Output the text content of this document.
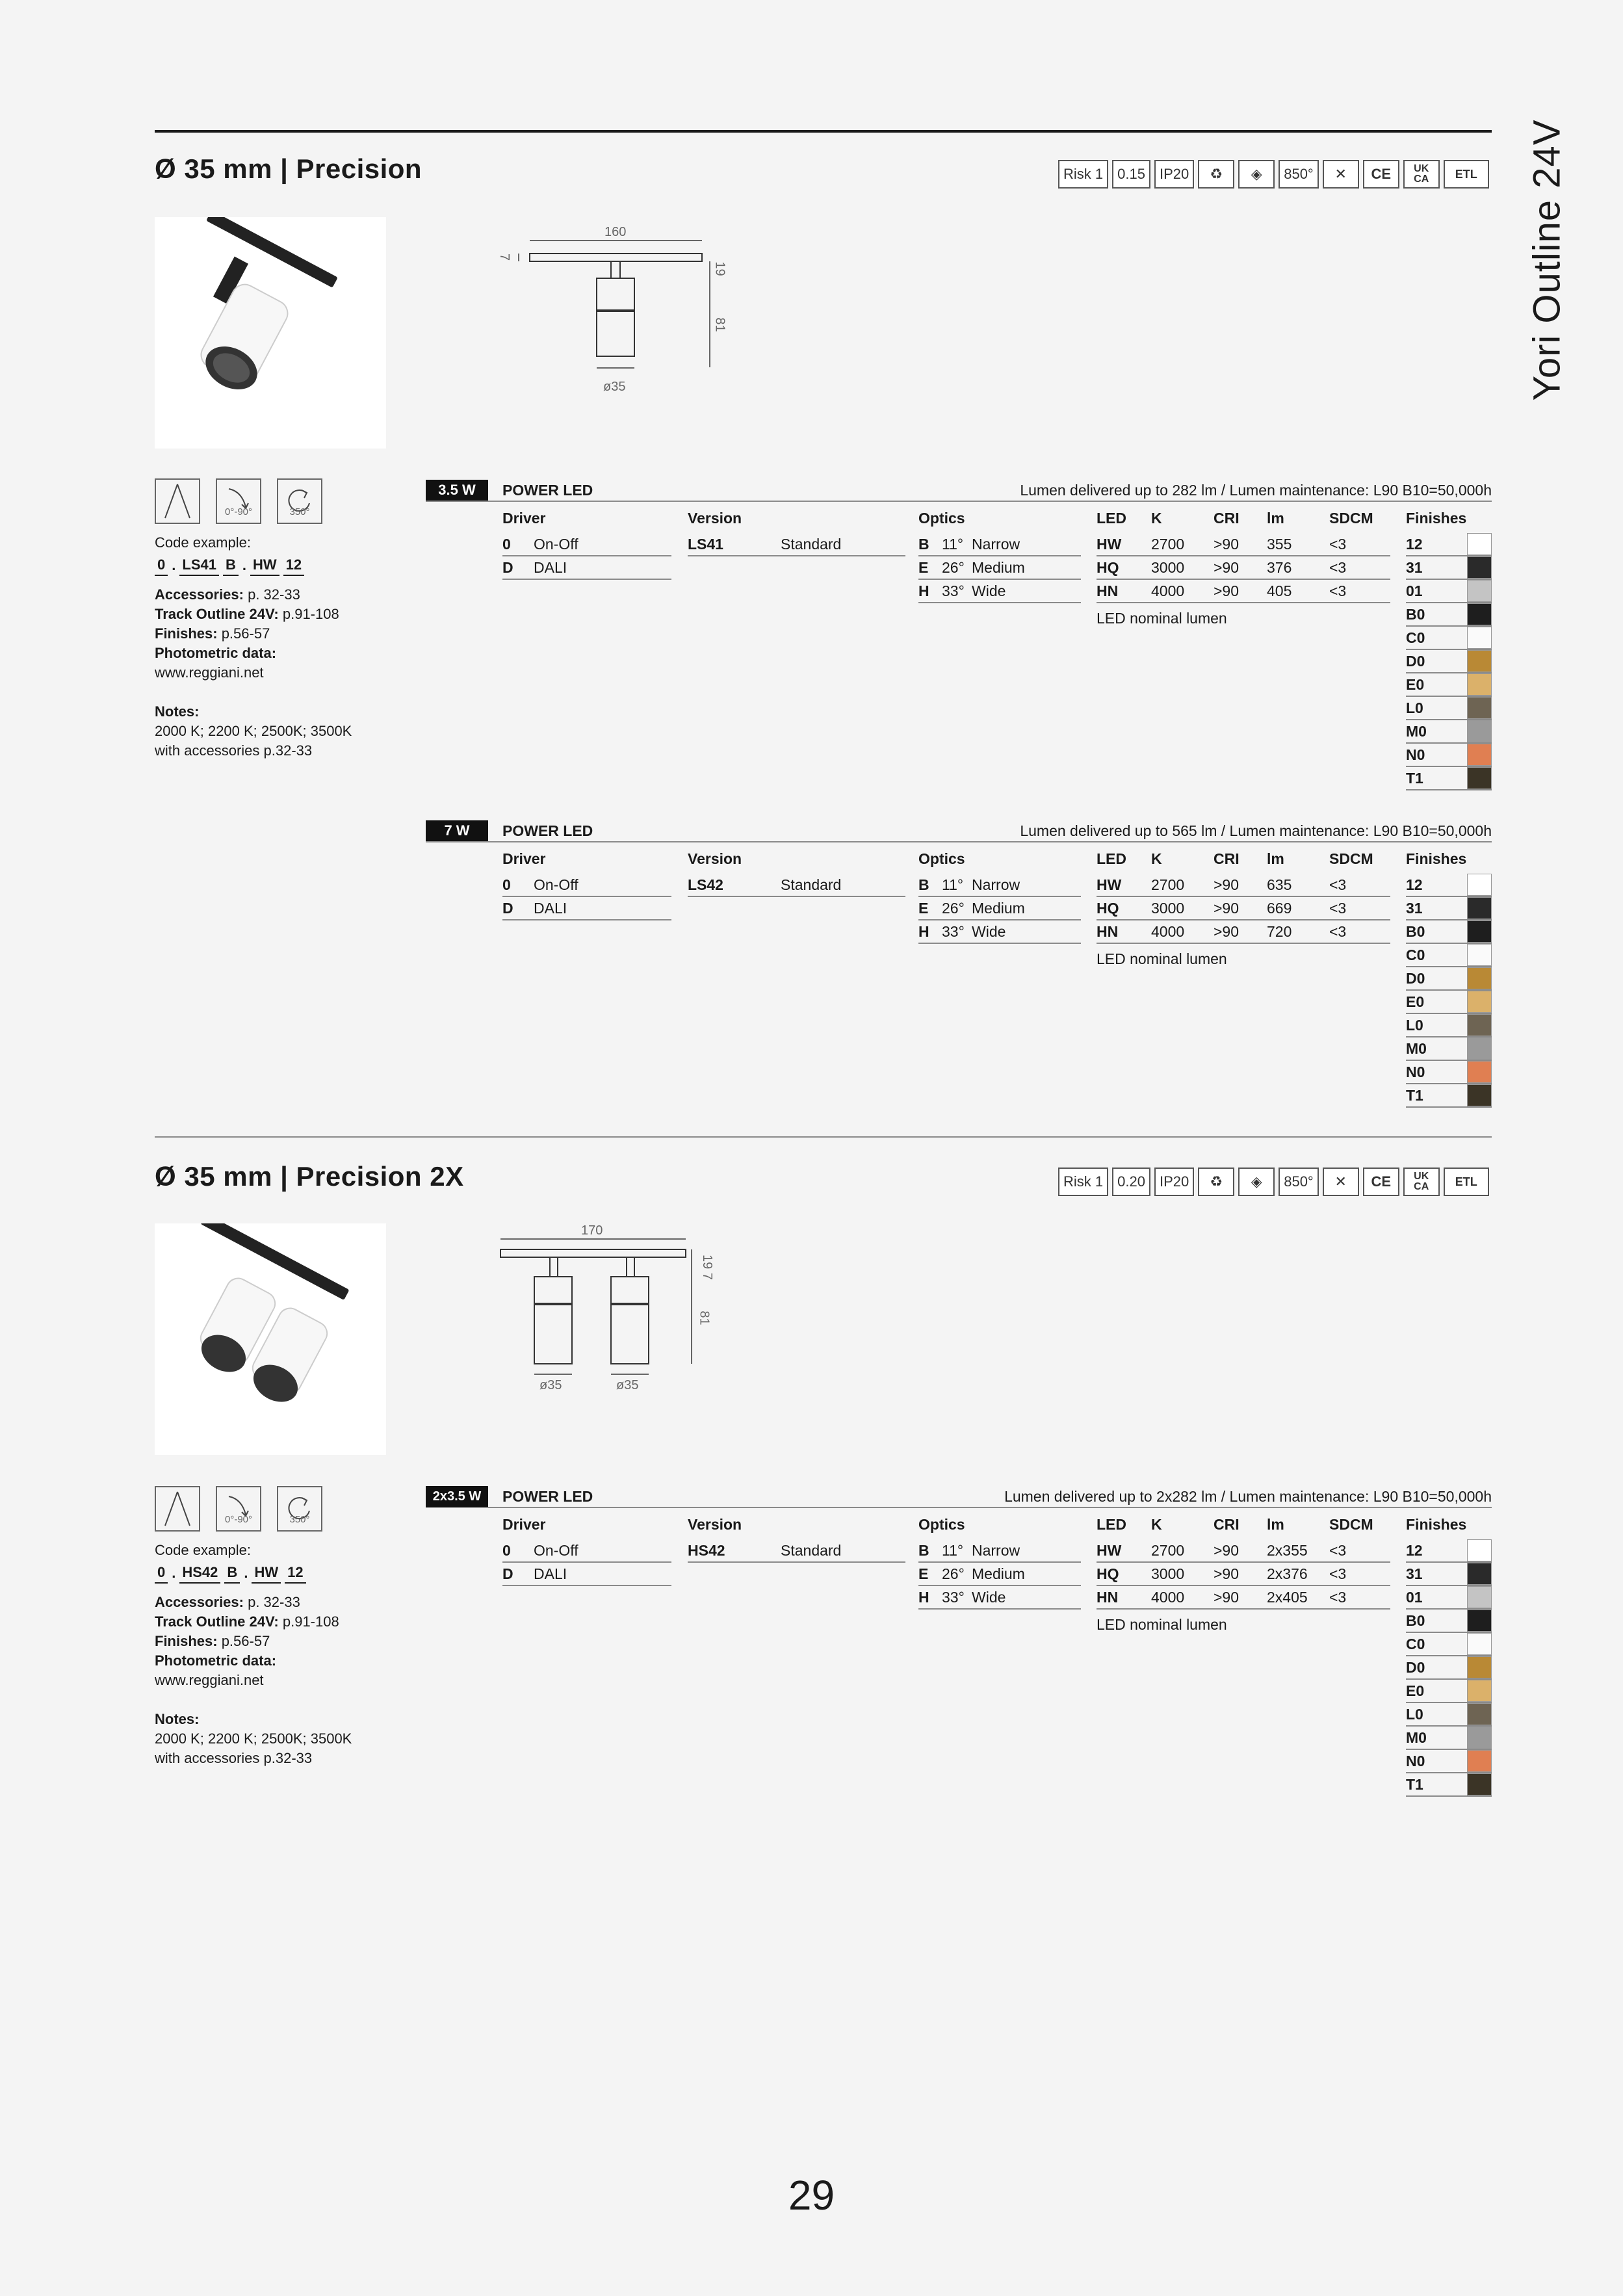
Yori Outline 24V
Ø 35 mm | Precision	Risk 1	0.15	IP20	♻	◈	850°	✕	CE	UK
CA	ETL
160
7
19
81
ø35
0°-90°	350°
Code example:
0 . LS41 B . HW 12
Accessories: p. 32-33
Track Outline 24V: p.91-108
Finishes: p.56-57
Photometric data:
www.reggiani.net
Notes:
2000 K; 2200 K; 2500K; 3500K
with accessories p.32-33
3.5 W	POWER LED	Lumen delivered up to 282 lm / Lumen maintenance: L90 B10=50,000h
Driver
0 On-Off
D DALI
Version
LS41	Standard
Optics
B 11° Narrow
E 26° Medium
H 33° Wide
LED K	CRI lm	SDCM
HW 2700 >90 355	<3
HQ 3000 >90 376	<3
HN 4000 >90 405	<3
LED nominal lumen
Finishes
12
31
01
B0
C0
D0
E0
L0
M0
N0
T1
7 W	POWER LED	Lumen delivered up to 565 lm / Lumen maintenance: L90 B10=50,000h
Driver
0 On-Off
D DALI
Version
LS42	Standard
Optics
B 11° Narrow
E 26° Medium
H 33° Wide
LED K	CRI lm	SDCM
HW 2700 >90 635	<3
HQ 3000 >90 669	<3
HN 4000 >90 720	<3
LED nominal lumen
Finishes
12
31
B0
C0
D0
E0
L0
M0
N0
T1
Ø 35 mm | Precision 2X	Risk 1	0.20	IP20	♻	◈	850°	✕	CE	UK
CA	ETL
170
19 7
81
ø35	ø35
0°-90°	350°
Code example:
0 . HS42 B . HW 12
Accessories: p. 32-33
Track Outline 24V: p.91-108
Finishes: p.56-57
Photometric data:
www.reggiani.net
Notes:
2000 K; 2200 K; 2500K; 3500K
with accessories p.32-33
2x3.5 W	POWER LED	Lumen delivered up to 2x282 lm / Lumen maintenance: L90 B10=50,000h
Driver
0 On-Off
D DALI
Version
HS42	Standard
Optics
B 11° Narrow
E 26° Medium
H 33° Wide
LED K	CRI lm	SDCM
HW 2700 >90 2x355 <3
HQ 3000 >90 2x376 <3
HN 4000 >90 2x405 <3
LED nominal lumen
Finishes
12
31
01
B0
C0
D0
E0
L0
M0
N0
T1
29
